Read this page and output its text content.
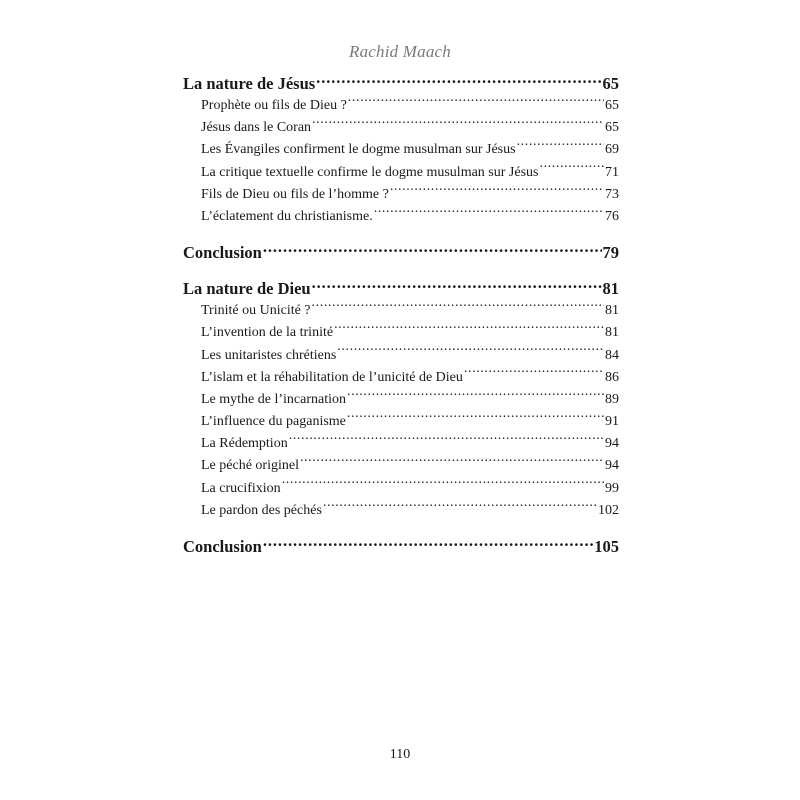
Rachid Maach
La nature de Jésus .....	65
Prophète ou fils de Dieu ? .....	65
Jésus dans le Coran .....	65
Les Évangiles confirment le dogme musulman sur Jésus .....	69
La critique textuelle confirme le dogme musulman sur Jésus .....	71
Fils de Dieu ou fils de l’homme ? .....	73
L’éclatement du christianisme. .....	76
Conclusion .....	79
La nature de Dieu .....	81
Trinité ou Unicité ? .....	81
L’invention de la trinité .....	81
Les unitaristes chrétiens .....	84
L’islam et la réhabilitation de l’unicité de Dieu .....	86
Le mythe de l’incarnation .....	89
L’influence du paganisme .....	91
La Rédemption .....	94
Le péché originel .....	94
La crucifixion .....	99
Le pardon des péchés .....	102
Conclusion .....	105
110
